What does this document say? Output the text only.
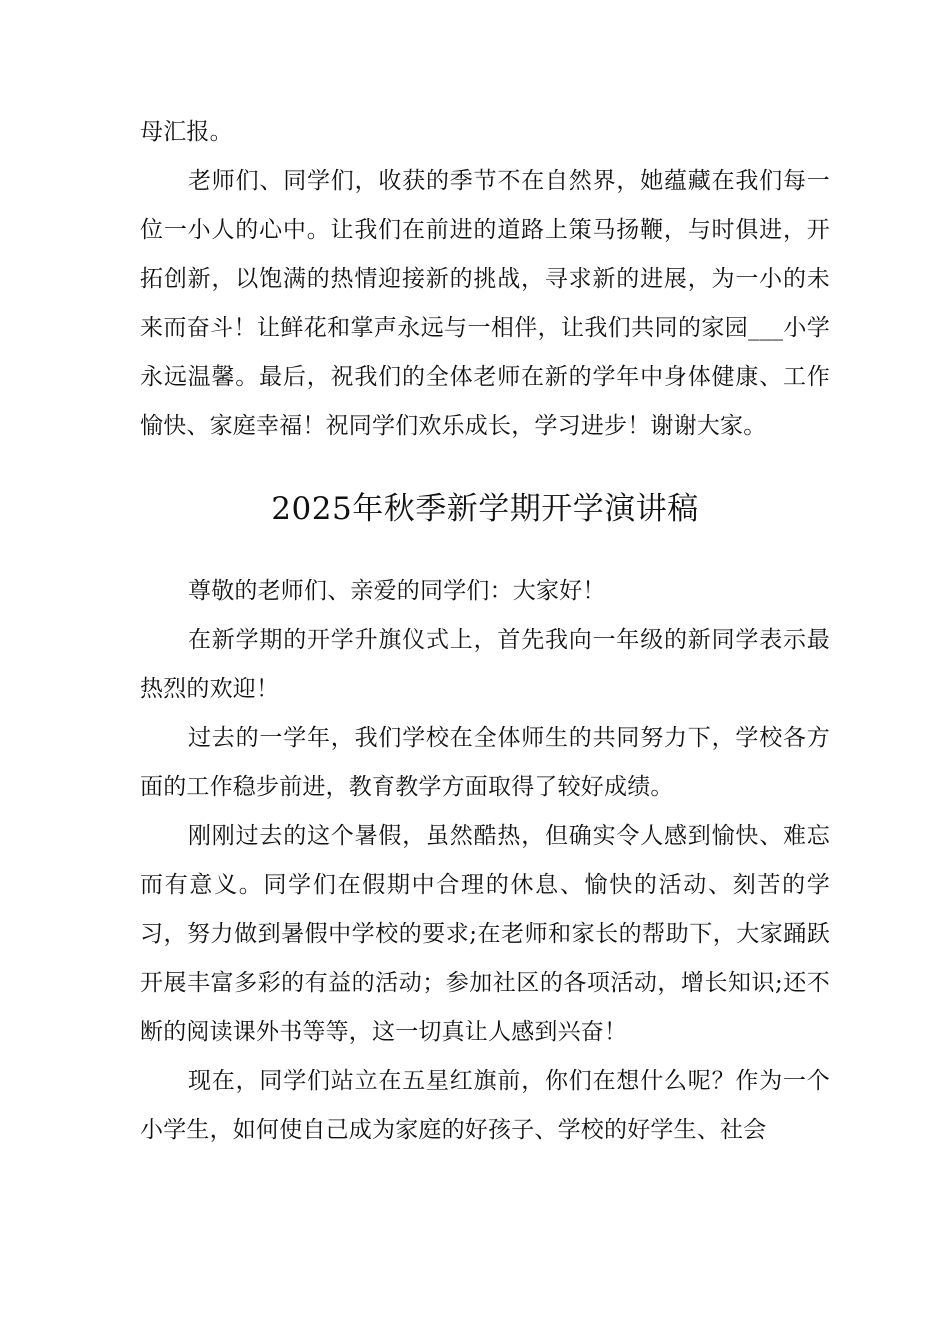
母汇报。

老师们、同学们，收获的季节不在自然界，她蕴藏在我们每一位一小人的心中。让我们在前进的道路上策马扬鞭，与时俱进，开拓创新，以饱满的热情迎接新的挑战，寻求新的进展，为一小的未来而奋斗！让鲜花和掌声永远与一相伴，让我们共同的家园___小学永远温馨。最后，祝我们的全体老师在新的学年中身体健康、工作愉快、家庭幸福！祝同学们欢乐成长，学习进步！谢谢大家。

2025年秋季新学期开学演讲稿

尊敬的老师们、亲爱的同学们：大家好！

在新学期的开学升旗仪式上，首先我向一年级的新同学表示最热烈的欢迎！

过去的一学年，我们学校在全体师生的共同努力下，学校各方面的工作稳步前进，教育教学方面取得了较好成绩。

刚刚过去的这个暑假，虽然酷热，但确实令人感到愉快、难忘而有意义。同学们在假期中合理的休息、愉快的活动、刻苦的学习，努力做到暑假中学校的要求;在老师和家长的帮助下，大家踊跃开展丰富多彩的有益的活动；参加社区的各项活动，增长知识;还不断的阅读课外书等等，这一切真让人感到兴奋！

现在，同学们站立在五星红旗前，你们在想什么呢？作为一个小学生，如何使自己成为家庭的好孩子、学校的好学生、社会
